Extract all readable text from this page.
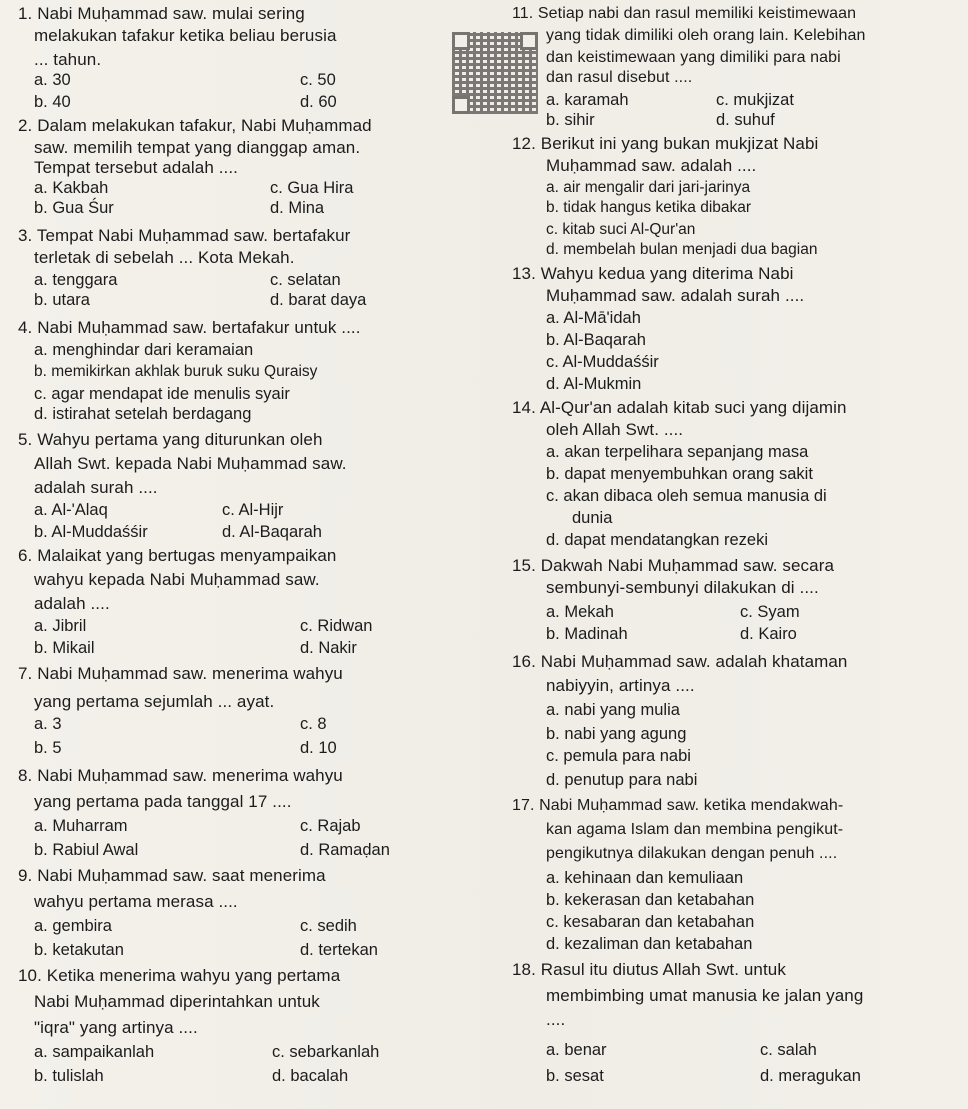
1. Nabi Muḥammad saw. mulai sering
melakukan tafakur ketika beliau berusia
... tahun.
a. 30
b. 40
c. 50
d. 60
2. Dalam melakukan tafakur, Nabi Muḥammad
saw. memilih tempat yang dianggap aman.
Tempat tersebut adalah ....
a. Kakbah
b. Gua Śur
c. Gua Hira
d. Mina
3. Tempat Nabi Muḥammad saw. bertafakur
terletak di sebelah ... Kota Mekah.
a. tenggara
b. utara
c. selatan
d. barat daya
4. Nabi Muḥammad saw. bertafakur untuk ....
a. menghindar dari keramaian
b. memikirkan akhlak buruk suku Quraisy
c. agar mendapat ide menulis syair
d. istirahat setelah berdagang
5. Wahyu pertama yang diturunkan oleh
Allah Swt. kepada Nabi Muḥammad saw.
adalah surah ....
a. Al-'Alaq
b. Al-Muddaśśir
c. Al-Hijr
d. Al-Baqarah
6. Malaikat yang bertugas menyampaikan
wahyu kepada Nabi Muḥammad saw.
adalah ....
a. Jibril
b. Mikail
c. Ridwan
d. Nakir
7. Nabi Muḥammad saw. menerima wahyu
yang pertama sejumlah ... ayat.
a. 3
b. 5
c. 8
d. 10
8. Nabi Muḥammad saw. menerima wahyu
yang pertama pada tanggal 17 ....
a. Muharram
b. Rabiul Awal
c. Rajab
d. Ramaḍan
9. Nabi Muḥammad saw. saat menerima
wahyu pertama merasa ....
a. gembira
b. ketakutan
c. sedih
d. tertekan
10. Ketika menerima wahyu yang pertama
Nabi Muḥammad diperintahkan untuk
"iqra" yang artinya ....
a. sampaikanlah
b. tulislah
c. sebarkanlah
d. bacalah
11. Setiap nabi dan rasul memiliki keistimewaan
yang tidak dimiliki oleh orang lain. Kelebihan
dan keistimewaan yang dimiliki para nabi
dan rasul disebut ....
a. karamah
b. sihir
c. mukjizat
d. suhuf
12. Berikut ini yang bukan mukjizat Nabi
Muḥammad saw. adalah ....
a. air mengalir dari jari-jarinya
b. tidak hangus ketika dibakar
c. kitab suci Al-Qur'an
d. membelah bulan menjadi dua bagian
13. Wahyu kedua yang diterima Nabi
Muḥammad saw. adalah surah ....
a. Al-Mā'idah
b. Al-Baqarah
c. Al-Muddaśśir
d. Al-Mukmin
14. Al-Qur'an adalah kitab suci yang dijamin
oleh Allah Swt. ....
a. akan terpelihara sepanjang masa
b. dapat menyembuhkan orang sakit
c. akan dibaca oleh semua manusia di
dunia
d. dapat mendatangkan rezeki
15. Dakwah Nabi Muḥammad saw. secara
sembunyi-sembunyi dilakukan di ....
a. Mekah
b. Madinah
c. Syam
d. Kairo
16. Nabi Muḥammad saw. adalah khataman
nabiyyin, artinya ....
a. nabi yang mulia
b. nabi yang agung
c. pemula para nabi
d. penutup para nabi
17. Nabi Muḥammad saw. ketika mendakwah-
kan agama Islam dan membina pengikut-
pengikutnya dilakukan dengan penuh ....
a. kehinaan dan kemuliaan
b. kekerasan dan ketabahan
c. kesabaran dan ketabahan
d. kezaliman dan ketabahan
18. Rasul itu diutus Allah Swt. untuk
membimbing umat manusia ke jalan yang
....
a. benar
b. sesat
c. salah
d. meragukan
